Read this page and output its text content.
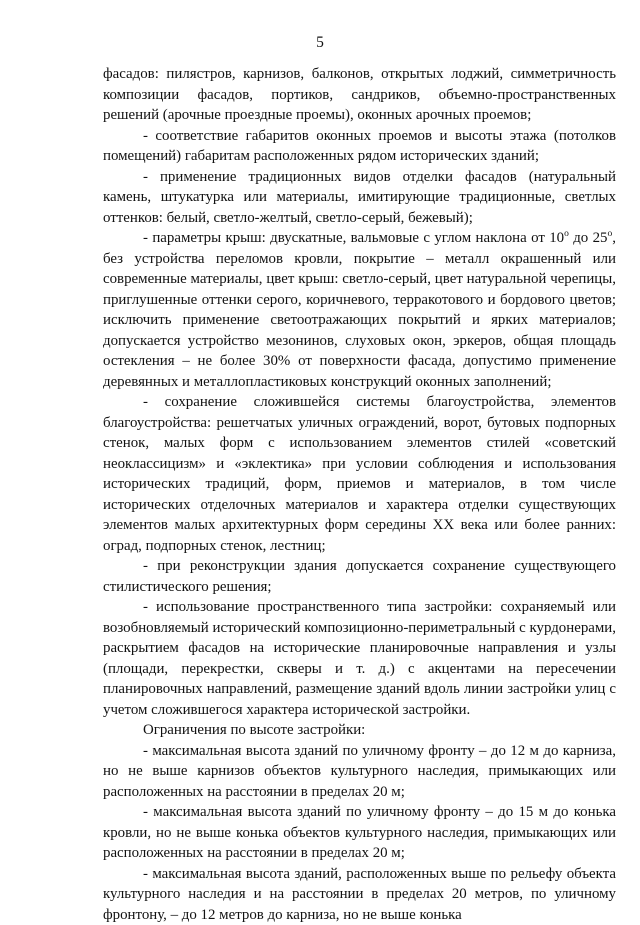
5

фасадов: пилястров, карнизов, балконов, открытых лоджий, симметричность композиции фасадов, портиков, сандриков, объемно-пространственных решений (арочные проездные проемы), оконных арочных проемов;

- соответствие габаритов оконных проемов и высоты этажа (потолков помещений) габаритам расположенных рядом исторических зданий;

- применение традиционных видов отделки фасадов (натуральный камень, штукатурка или материалы, имитирующие традиционные, светлых оттенков: белый, светло-желтый, светло-серый, бежевый);

- параметры крыш: двускатные, вальмовые с углом наклона от $10^о$ до $25^о$, без устройства переломов кровли, покрытие – металл окрашенный или современные материалы, цвет крыш: светло-серый, цвет натуральной черепицы, приглушенные оттенки серого, коричневого, терракотового и бордового цветов; исключить применение светоотражающих покрытий и ярких материалов; допускается устройство мезонинов, слуховых окон, эркеров, общая площадь остекления – не более 30% от поверхности фасада, допустимо применение деревянных и металлопластиковых конструкций оконных заполнений;

- сохранение сложившейся системы благоустройства, элементов благоустройства: решетчатых уличных ограждений, ворот, бутовых подпорных стенок, малых форм с использованием элементов стилей «советский неоклассицизм» и «эклектика» при условии соблюдения и использования исторических традиций, форм, приемов и материалов, в том числе исторических отделочных материалов и характера отделки существующих элементов малых архитектурных форм середины XX века или более ранних: оград, подпорных стенок, лестниц;

- при реконструкции здания допускается сохранение существующего стилистического решения;

- использование пространственного типа застройки: сохраняемый или возобновляемый исторический композиционно-периметральный с курдонерами, раскрытием фасадов на исторические планировочные направления и узлы (площади, перекрестки, скверы и т. д.) с акцентами на пересечении планировочных направлений, размещение зданий вдоль линии застройки улиц с учетом сложившегося характера исторической застройки.

Ограничения по высоте застройки:

- максимальная высота зданий по уличному фронту – до 12 м до карниза, но не выше карнизов объектов культурного наследия, примыкающих или расположенных на расстоянии в пределах 20 м;

- максимальная высота зданий по уличному фронту – до 15 м до конька кровли, но не выше конька объектов культурного наследия, примыкающих или расположенных на расстоянии в пределах 20 м;

- максимальная высота зданий, расположенных выше по рельефу объекта культурного наследия и на расстоянии в пределах 20 метров, по уличному фронтону, – до 12 метров до карниза, но не выше конька
